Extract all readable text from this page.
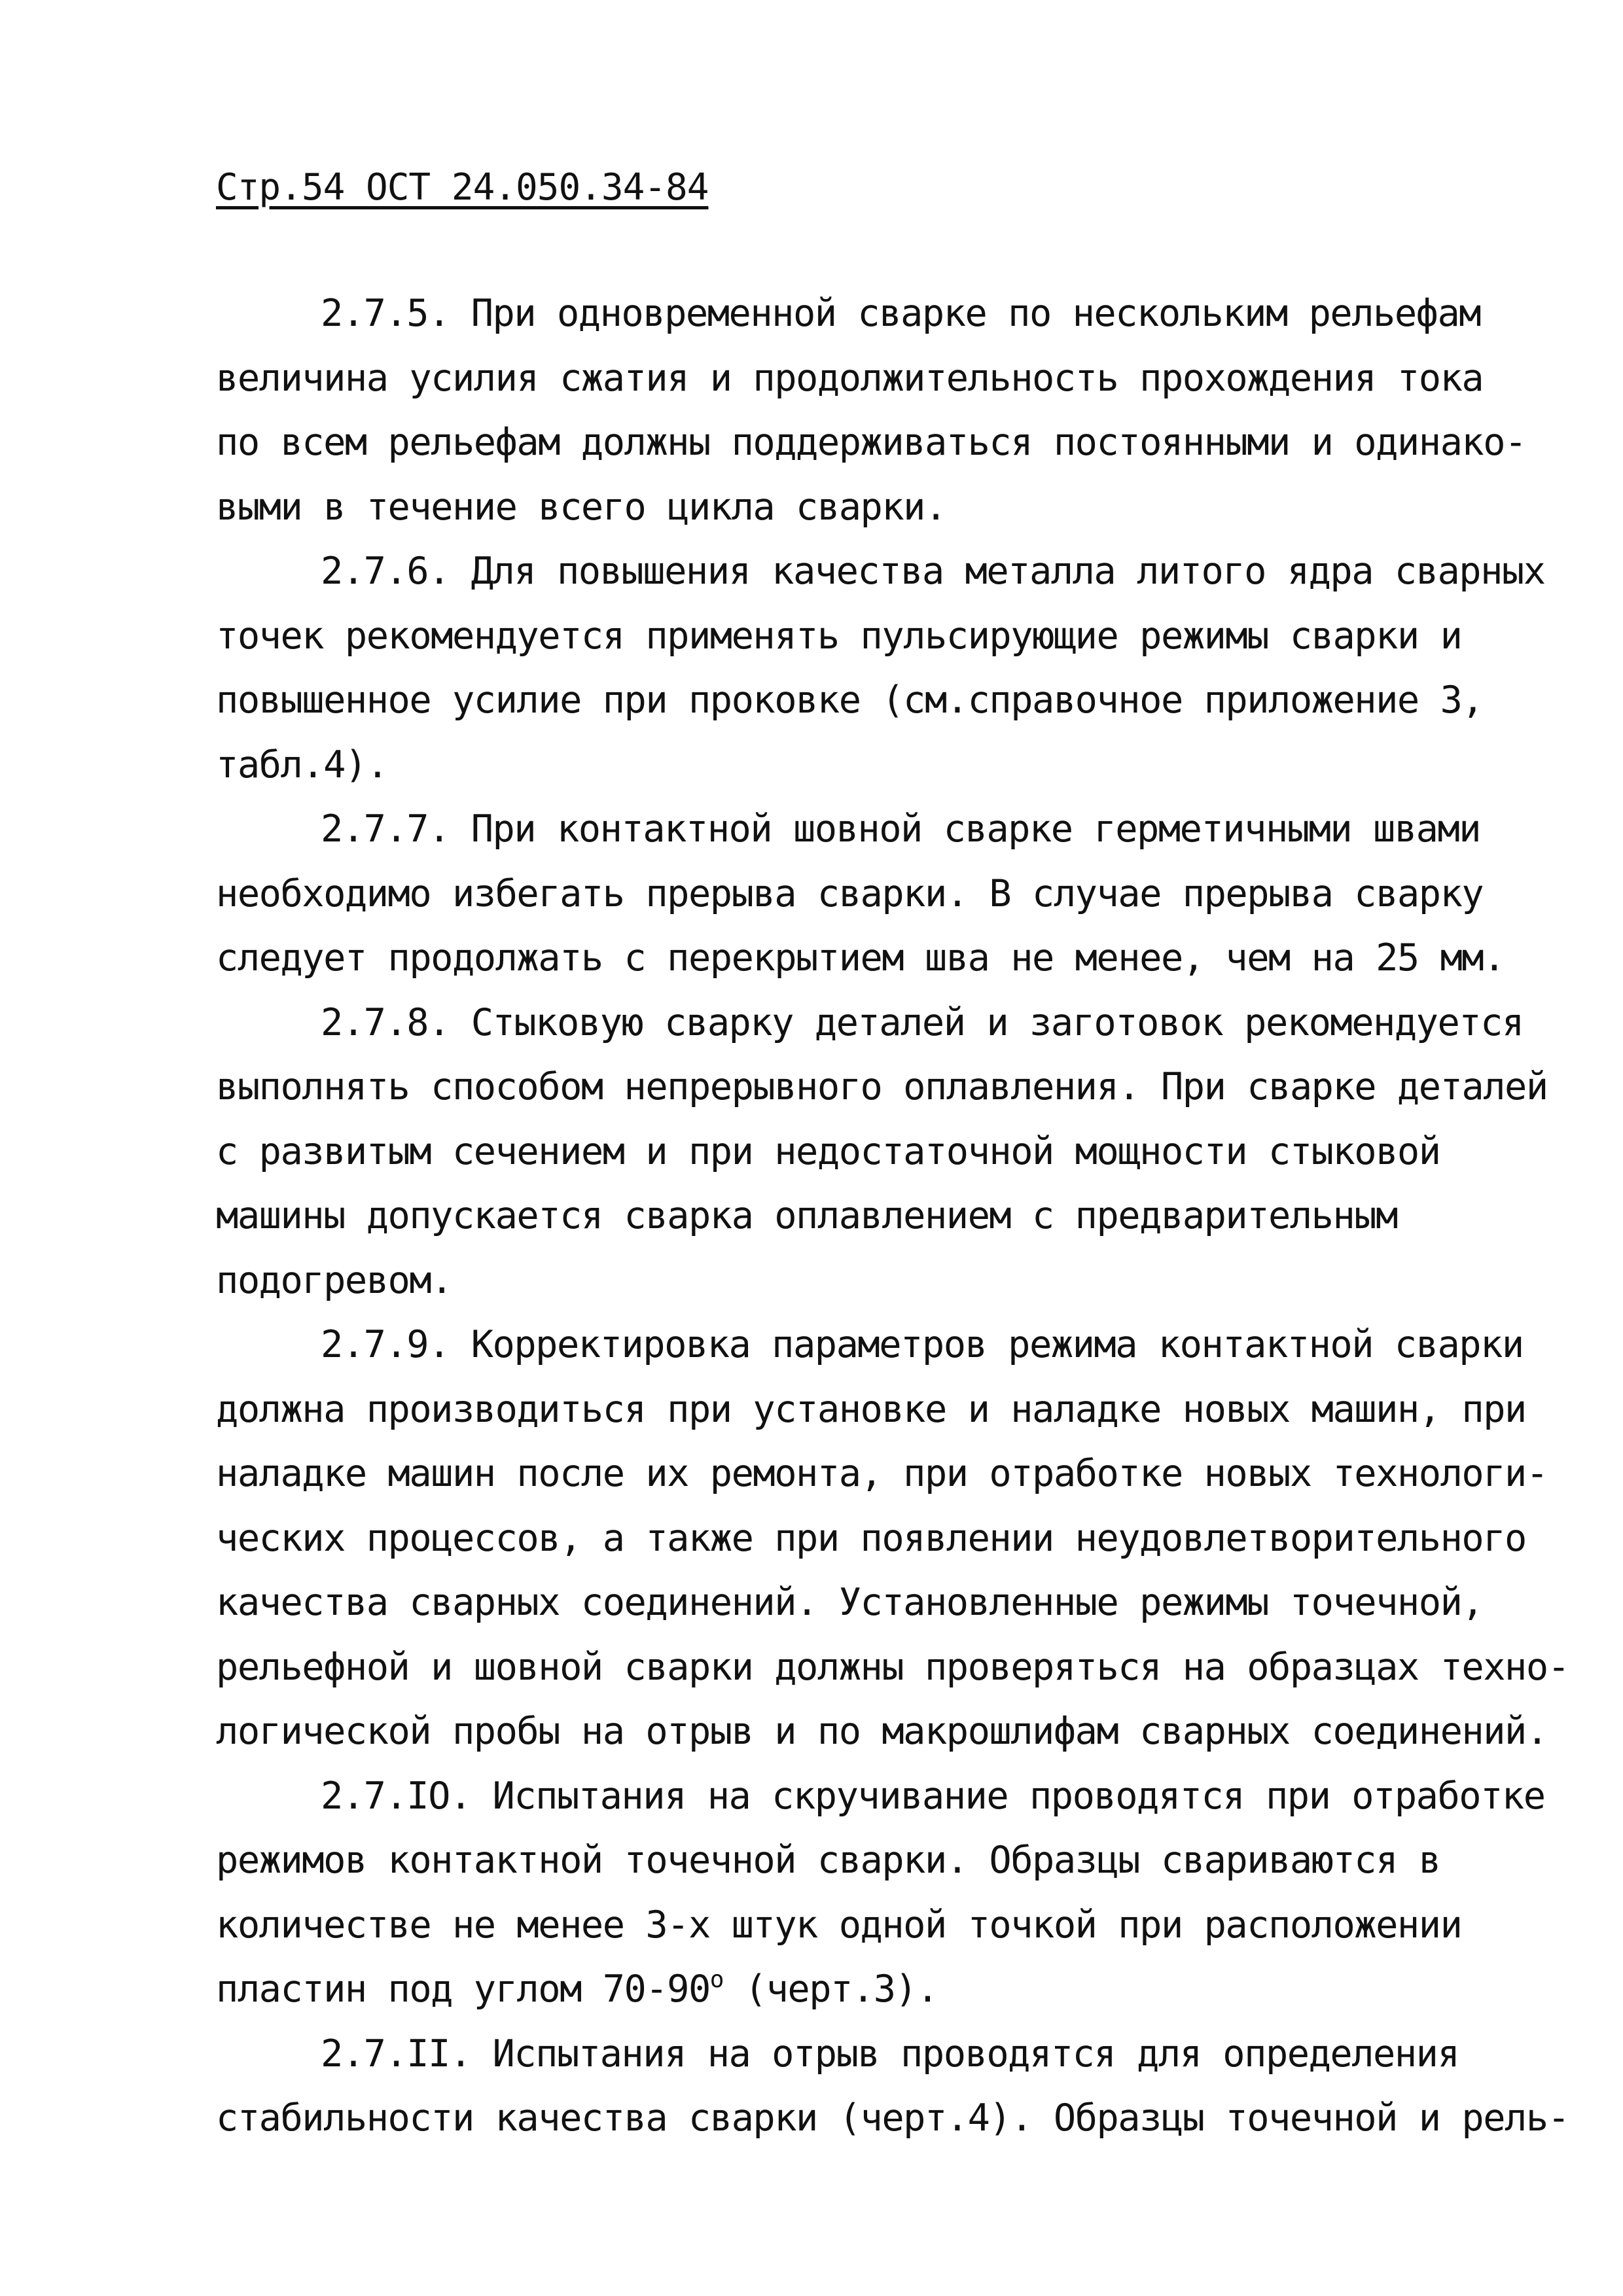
Стр.54 ОСТ 24.050.34-84
2.7.5. При одновременной сварке по нескольким рельефам
величина усилия сжатия и продолжительность прохождения тока
по всем рельефам должны поддерживаться постоянными и одинако-
выми в течение всего цикла сварки.
2.7.6. Для повышения качества металла литого ядра сварных
точек рекомендуется применять пульсирующие режимы сварки и
повышенное усилие при проковке (см.справочное приложение 3,
табл.4).
2.7.7. При контактной шовной сварке герметичными швами
необходимо избегать прерыва сварки. В случае прерыва сварку
следует продолжать с перекрытием шва не менее, чем на 25 мм.
2.7.8. Стыковую сварку деталей и заготовок рекомендуется
выполнять способом непрерывного оплавления. При сварке деталей
с развитым сечением и при недостаточной мощности стыковой
машины допускается сварка оплавлением с предварительным
подогревом.
2.7.9. Корректировка параметров режима контактной сварки
должна производиться при установке и наладке новых машин, при
наладке машин после их ремонта, при отработке новых технологи-
ческих процессов, а также при появлении неудовлетворительного
качества сварных соединений. Установленные режимы точечной,
рельефной и шовной сварки должны проверяться на образцах техно-
логической пробы на отрыв и по макрошлифам сварных соединений.
2.7.IO. Испытания на скручивание проводятся при отработке
режимов контактной точечной сварки. Образцы свариваются в
количестве не менее 3-х штук одной точкой при расположении
пластин под углом 70-90$^o$ (черт.3).
2.7.II. Испытания на отрыв проводятся для определения
стабильности качества сварки (черт.4). Образцы точечной и рель-
